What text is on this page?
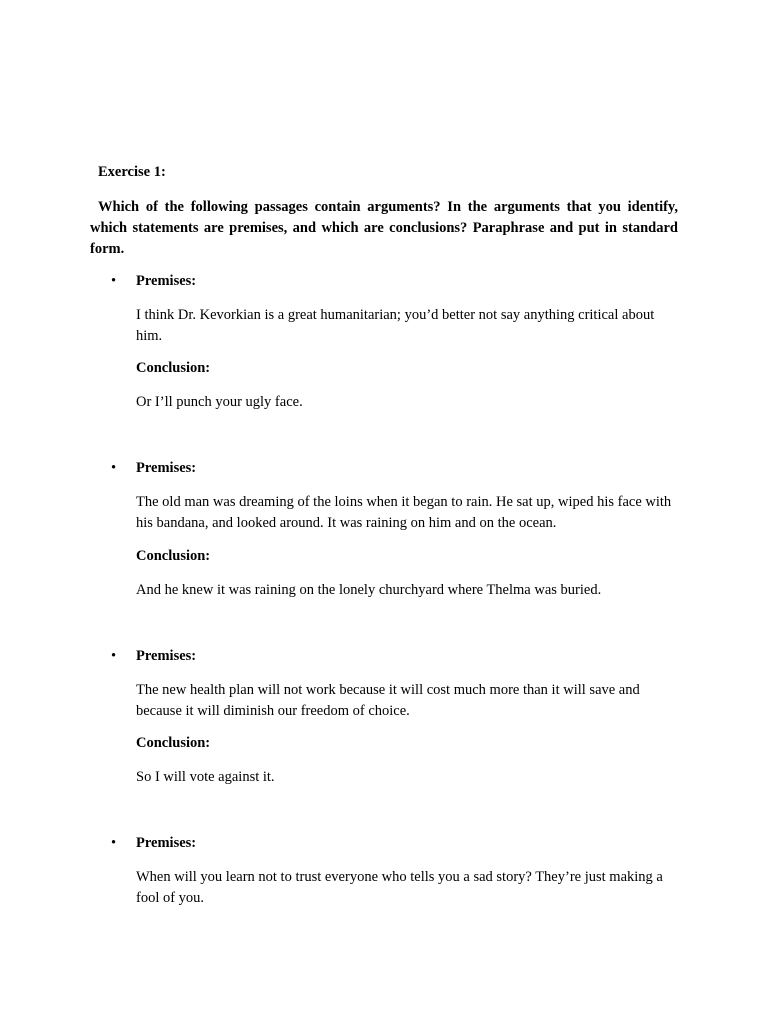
Exercise 1:
Which of the following passages contain arguments? In the arguments that you identify, which statements are premises, and which are conclusions? Paraphrase and put in standard form.
• Premises:
I think Dr. Kevorkian is a great humanitarian; you’d better not say anything critical about him.
Conclusion:
Or I’ll punch your ugly face.
• Premises:
The old man was dreaming of the loins when it began to rain. He sat up, wiped his face with his bandana, and looked around. It was raining on him and on the ocean.
Conclusion:
And he knew it was raining on the lonely churchyard where Thelma was buried.
• Premises:
The new health plan will not work because it will cost much more than it will save and because it will diminish our freedom of choice.
Conclusion:
So I will vote against it.
• Premises:
When will you learn not to trust everyone who tells you a sad story? They’re just making a fool of you.
